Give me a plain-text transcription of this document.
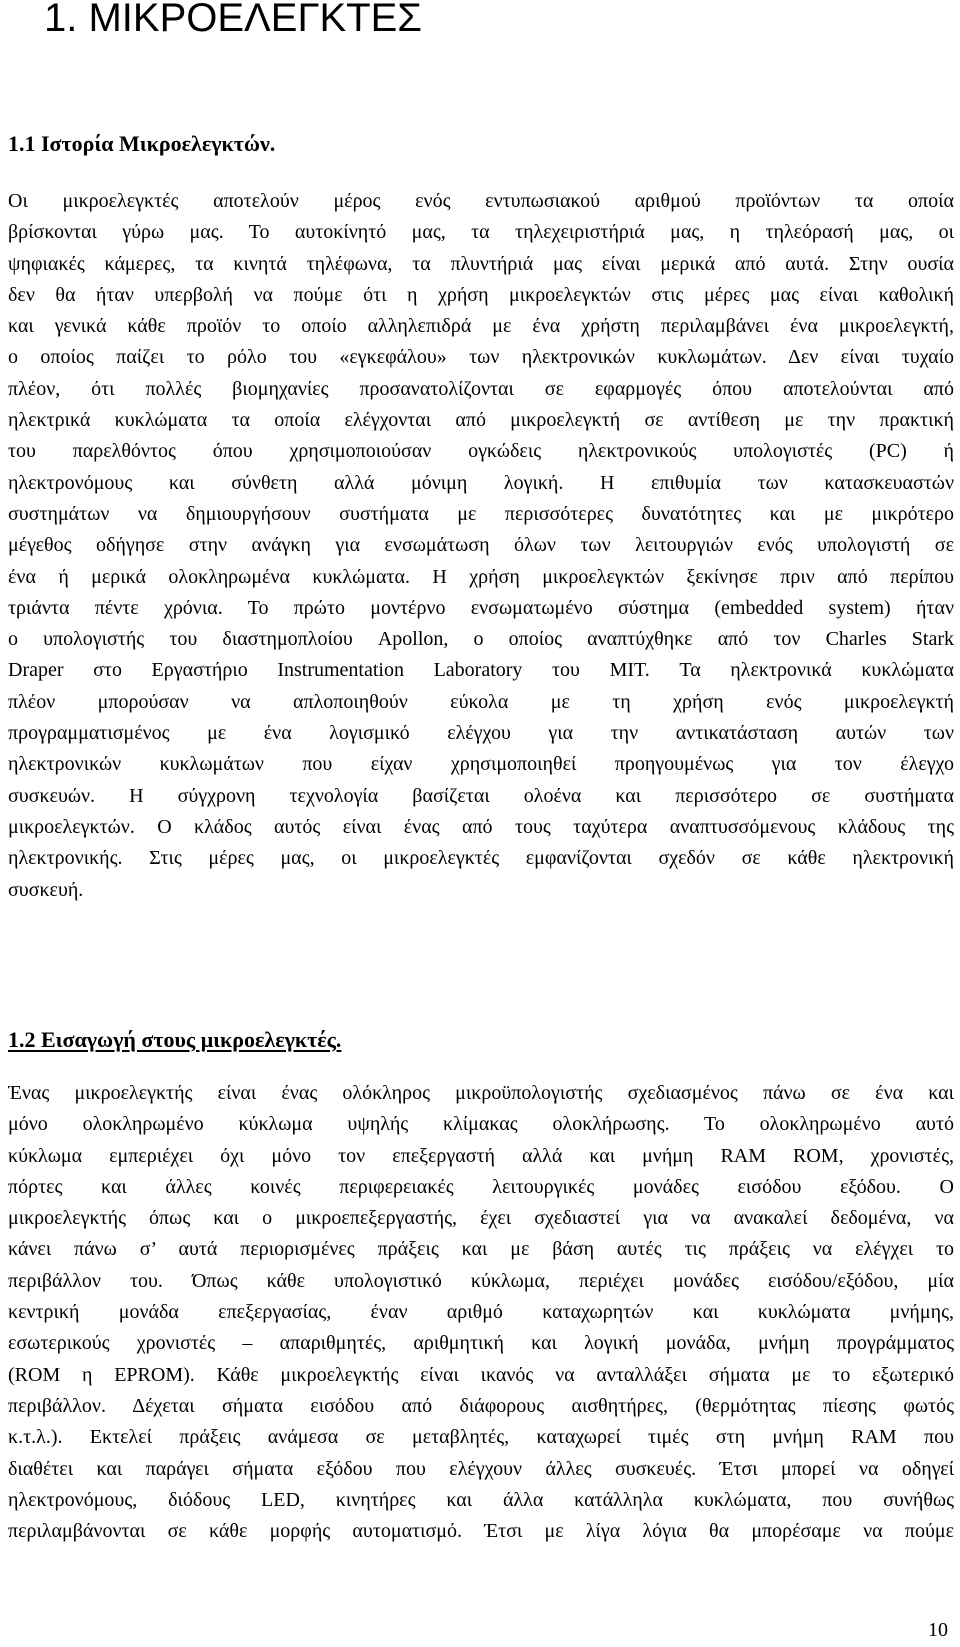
1. ΜΙΚΡΟΕΛΕΓΚΤΕΣ
1.1 Ιστορία Μικροελεγκτών.
Οι μικροελεγκτές αποτελούν μέρος ενός εντυπωσιακού αριθμού προϊόντων τα οποία
βρίσκονται γύρω μας. Το αυτοκίνητό μας, τα τηλεχειριστήριά μας, η τηλεόρασή μας, οι
ψηφιακές κάμερες, τα κινητά τηλέφωνα, τα πλυντήριά μας είναι μερικά από αυτά. Στην ουσία
δεν θα ήταν υπερβολή να πούμε ότι η χρήση μικροελεγκτών στις μέρες μας είναι καθολική
και γενικά κάθε προϊόν το οποίο αλληλεπιδρά με ένα χρήστη περιλαμβάνει ένα μικροελεγκτή,
ο οποίος παίζει το ρόλο του «εγκεφάλου» των ηλεκτρονικών κυκλωμάτων. Δεν είναι τυχαίο
πλέον, ότι πολλές βιομηχανίες προσανατολίζονται σε εφαρμογές όπου αποτελούνται από
ηλεκτρικά κυκλώματα τα οποία ελέγχονται από μικροελεγκτή σε αντίθεση με την πρακτική
του παρελθόντος όπου χρησιμοποιούσαν ογκώδεις ηλεκτρονικούς υπολογιστές (PC) ή
ηλεκτρονόμους και σύνθετη αλλά μόνιμη λογική. Η επιθυμία των κατασκευαστών
συστημάτων να δημιουργήσουν συστήματα με περισσότερες δυνατότητες και με μικρότερο
μέγεθος οδήγησε στην ανάγκη για ενσωμάτωση όλων των λειτουργιών ενός υπολογιστή σε
ένα ή μερικά ολοκληρωμένα κυκλώματα. Η χρήση μικροελεγκτών ξεκίνησε πριν από περίπου
τριάντα πέντε χρόνια. Το πρώτο μοντέρνο ενσωματωμένο σύστημα (embedded system) ήταν
ο υπολογιστής του διαστημοπλοίου Apollon, ο οποίος αναπτύχθηκε από τον Charles Stark
Draper στο Εργαστήριο Instrumentation Laboratory του MIT. Τα ηλεκτρονικά κυκλώματα
πλέον μπορούσαν να απλοποιηθούν εύκολα με τη χρήση ενός μικροελεγκτή
προγραμματισμένος με ένα λογισμικό ελέγχου για την αντικατάσταση αυτών των
ηλεκτρονικών κυκλωμάτων που είχαν χρησιμοποιηθεί προηγουμένως για τον έλεγχο
συσκευών. Η σύγχρονη τεχνολογία βασίζεται ολοένα και περισσότερο σε συστήματα
μικροελεγκτών. Ο κλάδος αυτός είναι ένας από τους ταχύτερα αναπτυσσόμενους κλάδους της
ηλεκτρονικής. Στις μέρες μας, οι μικροελεγκτές εμφανίζονται σχεδόν σε κάθε ηλεκτρονική
συσκευή.
1.2 Εισαγωγή στους μικροελεγκτές.
Ένας μικροελεγκτής είναι ένας ολόκληρος μικροϋπολογιστής σχεδιασμένος πάνω σε ένα και
μόνο ολοκληρωμένο κύκλωμα υψηλής κλίμακας ολοκλήρωσης. Το ολοκληρωμένο αυτό
κύκλωμα εμπεριέχει όχι μόνο τον επεξεργαστή αλλά και μνήμη RAM ROM, χρονιστές,
πόρτες και άλλες κοινές περιφερειακές λειτουργικές μονάδες εισόδου εξόδου. Ο
μικροελεγκτής όπως και ο μικροεπεξεργαστής, έχει σχεδιαστεί για να ανακαλεί δεδομένα, να
κάνει πάνω σ’ αυτά περιορισμένες πράξεις και με βάση αυτές τις πράξεις να ελέγχει το
περιβάλλον του. Όπως κάθε υπολογιστικό κύκλωμα, περιέχει μονάδες εισόδου/εξόδου, μία
κεντρική μονάδα επεξεργασίας, έναν αριθμό καταχωρητών και κυκλώματα μνήμης,
εσωτερικούς χρονιστές – απαριθμητές, αριθμητική και λογική μονάδα, μνήμη προγράμματος
(ROM η EPROM). Κάθε μικροελεγκτής είναι ικανός να ανταλλάξει σήματα με το εξωτερικό
περιβάλλον. Δέχεται σήματα εισόδου από διάφορους αισθητήρες, (θερμότητας πίεσης φωτός
κ.τ.λ.). Εκτελεί πράξεις ανάμεσα σε μεταβλητές, καταχωρεί τιμές στη μνήμη RAM που
διαθέτει και παράγει σήματα εξόδου που ελέγχουν άλλες συσκευές. Έτσι μπορεί να οδηγεί
ηλεκτρονόμους, διόδους LED, κινητήρες και άλλα κατάλληλα κυκλώματα, που συνήθως
περιλαμβάνονται σε κάθε μορφής αυτοματισμό. Έτσι με λίγα λόγια θα μπορέσαμε να πούμε
10
